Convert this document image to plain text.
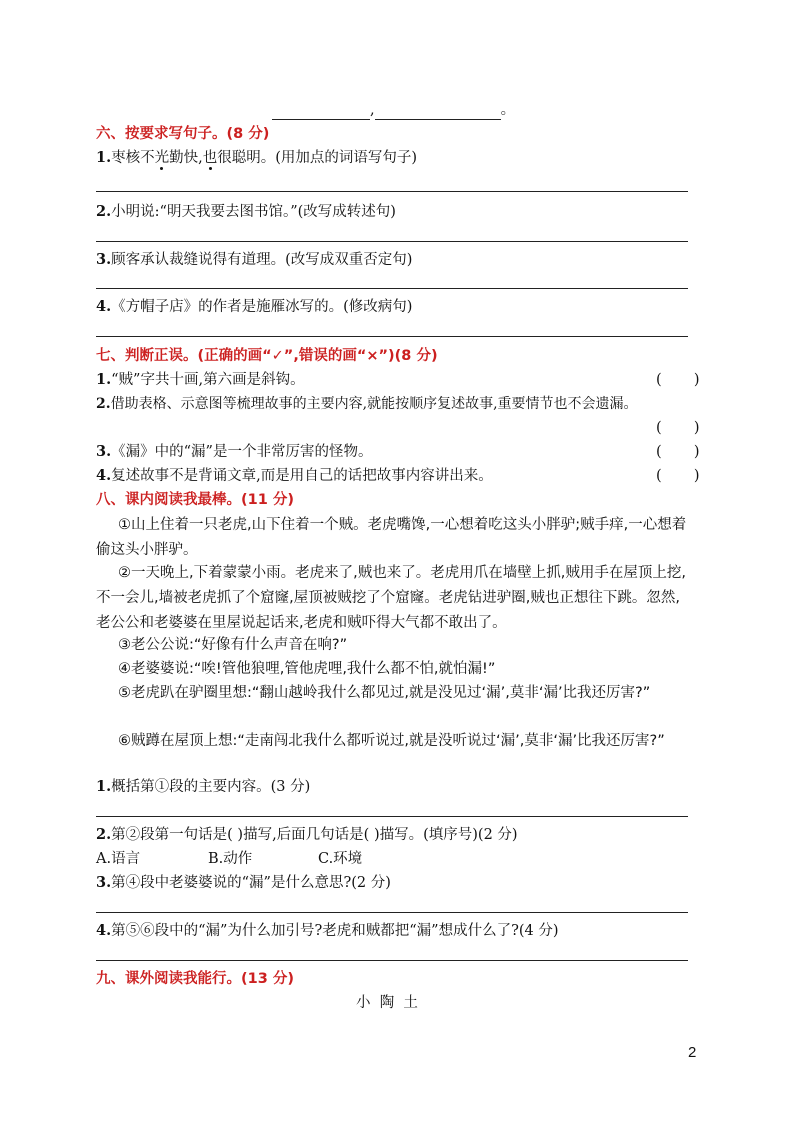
,	。
六、按要求写句子。(8 分)
1.枣核不光勤快,也很聪明。(用加点的词语写句子)
2.小明说:“明天我要去图书馆。”(改写成转述句)
3.顾客承认裁缝说得有道理。(改写成双重否定句)
4.《方帽子店》的作者是施雁冰写的。(修改病句)
七、判断正误。(正确的画“✓”,错误的画“×”)(8 分)
1.“贼”字共十画,第六画是斜钩。	(       )
2.借助表格、示意图等梳理故事的主要内容,就能按顺序复述故事,重要情节也不会遗漏。
(       )
3.《漏》中的“漏”是一个非常厉害的怪物。	(       )
4.复述故事不是背诵文章,而是用自己的话把故事内容讲出来。	(       )
八、课内阅读我最棒。(11 分)
①山上住着一只老虎,山下住着一个贼。老虎嘴馋,一心想着吃这头小胖驴;贼手痒,一心想着偷这头小胖驴。
②一天晚上,下着蒙蒙小雨。老虎来了,贼也来了。老虎用爪在墙壁上抓,贼用手在屋顶上挖,不一会儿,墙被老虎抓了个窟窿,屋顶被贼挖了个窟窿。老虎钻进驴圈,贼也正想往下跳。忽然,老公公和老婆婆在里屋说起话来,老虎和贼吓得大气都不敢出了。
③老公公说:“好像有什么声音在响?”
④老婆婆说:“唉!管他狼哩,管他虎哩,我什么都不怕,就怕漏!”
⑤老虎趴在驴圈里想:“翻山越岭我什么都见过,就是没见过‘漏’,莫非‘漏’比我还厉害?”
⑥贼蹲在屋顶上想:“走南闯北我什么都听说过,就是没听说过‘漏’,莫非‘漏’比我还厉害?”
1.概括第①段的主要内容。(3 分)
2.第②段第一句话是( )描写,后面几句话是( )描写。(填序号)(2 分)
A.语言	B.动作	C.环境
3.第④段中老婆婆说的“漏”是什么意思?(2 分)
4.第⑤⑥段中的“漏”为什么加引号?老虎和贼都把“漏”想成什么了?(4 分)
九、课外阅读我能行。(13 分)
小  陶  土
2
